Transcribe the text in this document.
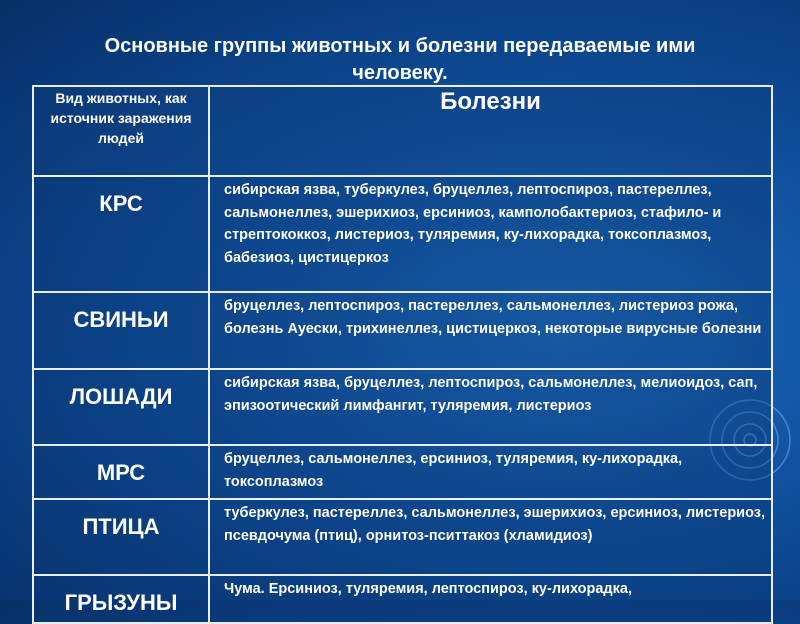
Основные группы животных и болезни передаваемые ими человеку.
Вид животных, как источник заражения людей	Болезни
КРС	сибирская язва, туберкулез, бруцеллез, лептоспироз, пастереллез, сальмонеллез, эшерихиоз, ерсиниоз, камполобактериоз, стафило- и стрептококкоз, листериоз, туляремия, ку-лихорадка, токсоплазмоз, бабезиоз, цистицеркоз
СВИНЬИ	бруцеллез, лептоспироз, пастереллез, сальмонеллез, листериоз рожа, болезнь Ауески, трихинеллез, цистицеркоз, некоторые вирусные болезни
ЛОШАДИ	сибирская язва, бруцеллез, лептоспироз, сальмонеллез, мелиоидоз, сап, эпизоотический лимфангит, туляремия, листериоз
МРС	бруцеллез, сальмонеллез, ерсиниоз, туляремия, ку-лихорадка, токсоплазмоз
ПТИЦА	туберкулез, пастереллез, сальмонеллез, эшерихиоз, ерсиниоз, листериоз, псевдочума (птиц), орнитоз-пситтакоз (хламидиоз)
ГРЫЗУНЫ	Чума. Ерсиниоз, туляремия, лептоспироз, ку-лихорадка,
